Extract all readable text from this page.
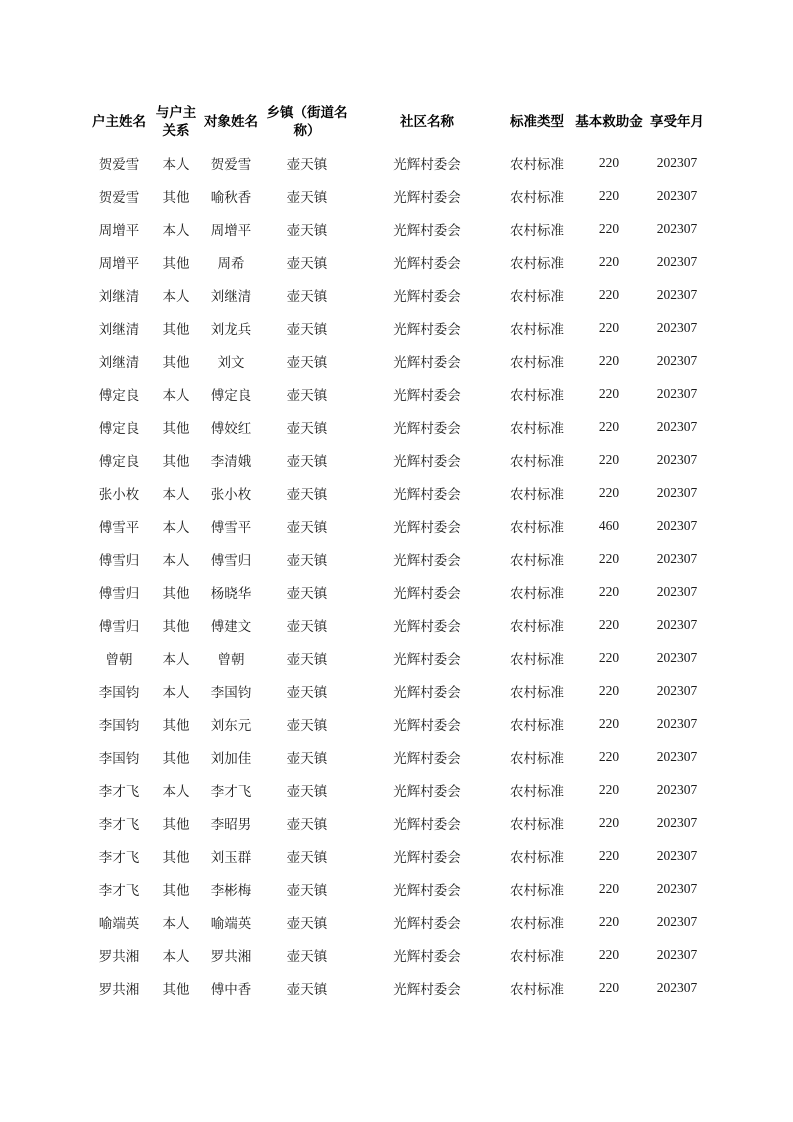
户主姓名	与户主关系	对象姓名	乡镇（街道名称）	社区名称	标准类型	基本救助金	享受年月
贺爱雪	本人	贺爱雪	壶天镇	光辉村委会	农村标准	220	202307
贺爱雪	其他	喻秋香	壶天镇	光辉村委会	农村标准	220	202307
周增平	本人	周增平	壶天镇	光辉村委会	农村标准	220	202307
周增平	其他	周希	壶天镇	光辉村委会	农村标准	220	202307
刘继清	本人	刘继清	壶天镇	光辉村委会	农村标准	220	202307
刘继清	其他	刘龙兵	壶天镇	光辉村委会	农村标准	220	202307
刘继清	其他	刘文	壶天镇	光辉村委会	农村标准	220	202307
傅定良	本人	傅定良	壶天镇	光辉村委会	农村标准	220	202307
傅定良	其他	傅姣红	壶天镇	光辉村委会	农村标准	220	202307
傅定良	其他	李清娥	壶天镇	光辉村委会	农村标准	220	202307
张小枚	本人	张小枚	壶天镇	光辉村委会	农村标准	220	202307
傅雪平	本人	傅雪平	壶天镇	光辉村委会	农村标准	460	202307
傅雪归	本人	傅雪归	壶天镇	光辉村委会	农村标准	220	202307
傅雪归	其他	杨晓华	壶天镇	光辉村委会	农村标准	220	202307
傅雪归	其他	傅建文	壶天镇	光辉村委会	农村标准	220	202307
曾朝	本人	曾朝	壶天镇	光辉村委会	农村标准	220	202307
李国钧	本人	李国钧	壶天镇	光辉村委会	农村标准	220	202307
李国钧	其他	刘东元	壶天镇	光辉村委会	农村标准	220	202307
李国钧	其他	刘加佳	壶天镇	光辉村委会	农村标准	220	202307
李才飞	本人	李才飞	壶天镇	光辉村委会	农村标准	220	202307
李才飞	其他	李昭男	壶天镇	光辉村委会	农村标准	220	202307
李才飞	其他	刘玉群	壶天镇	光辉村委会	农村标准	220	202307
李才飞	其他	李彬梅	壶天镇	光辉村委会	农村标准	220	202307
喻端英	本人	喻端英	壶天镇	光辉村委会	农村标准	220	202307
罗共湘	本人	罗共湘	壶天镇	光辉村委会	农村标准	220	202307
罗共湘	其他	傅中香	壶天镇	光辉村委会	农村标准	220	202307
